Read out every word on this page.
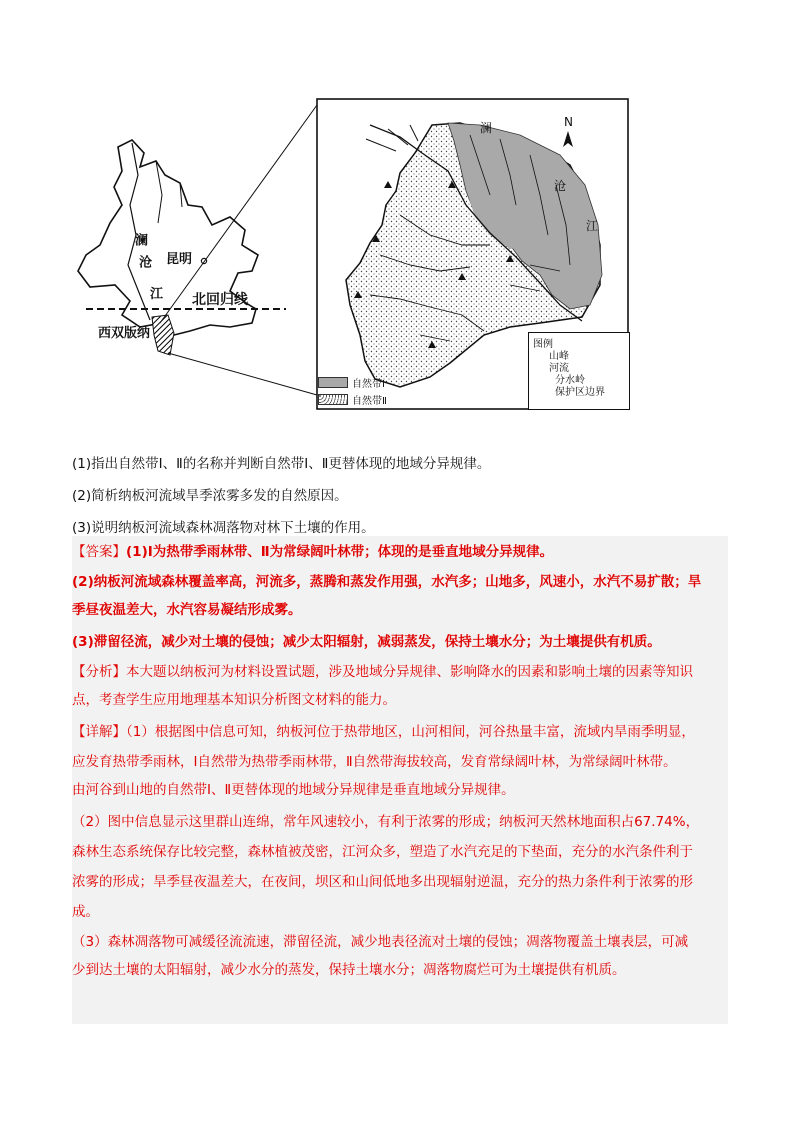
澜
沧
江
昆明
北回归线
西双版纳
N
澜
沧
江
自然带Ⅰ
自然带Ⅱ
图例
山峰
河流
分水岭
保护区边界
(1)指出自然带Ⅰ、Ⅱ的名称并判断自然带Ⅰ、Ⅱ更替体现的地域分异规律。
(2)简析纳板河流域旱季浓雾多发的自然原因。
(3)说明纳板河流域森林凋落物对林下土壤的作用。
【答案】(1)Ⅰ为热带季雨林带、Ⅱ为常绿阔叶林带；体现的是垂直地域分异规律。
(2)纳板河流域森林覆盖率高，河流多，蒸腾和蒸发作用强，水汽多；山地多，风速小，水汽不易扩散；旱
季昼夜温差大，水汽容易凝结形成雾。
(3)滞留径流，减少对土壤的侵蚀；减少太阳辐射，减弱蒸发，保持土壤水分；为土壤提供有机质。
【分析】本大题以纳板河为材料设置试题，涉及地域分异规律、影响降水的因素和影响土壤的因素等知识
点，考查学生应用地理基本知识分析图文材料的能力。
【详解】（1）根据图中信息可知，纳板河位于热带地区，山河相间，河谷热量丰富，流域内旱雨季明显，
应发育热带季雨林，Ⅰ自然带为热带季雨林带，Ⅱ自然带海拔较高，发育常绿阔叶林，为常绿阔叶林带。
由河谷到山地的自然带Ⅰ、Ⅱ更替体现的地域分异规律是垂直地域分异规律。
（2）图中信息显示这里群山连绵，常年风速较小，有利于浓雾的形成；纳板河天然林地面积占67.74%，
森林生态系统保存比较完整，森林植被茂密，江河众多，塑造了水汽充足的下垫面，充分的水汽条件利于
浓雾的形成；旱季昼夜温差大，在夜间，坝区和山间低地多出现辐射逆温，充分的热力条件利于浓雾的形
成。
（3）森林凋落物可减缓径流流速，滞留径流，减少地表径流对土壤的侵蚀；凋落物覆盖土壤表层，可减
少到达土壤的太阳辐射，减少水分的蒸发，保持土壤水分；凋落物腐烂可为土壤提供有机质。
